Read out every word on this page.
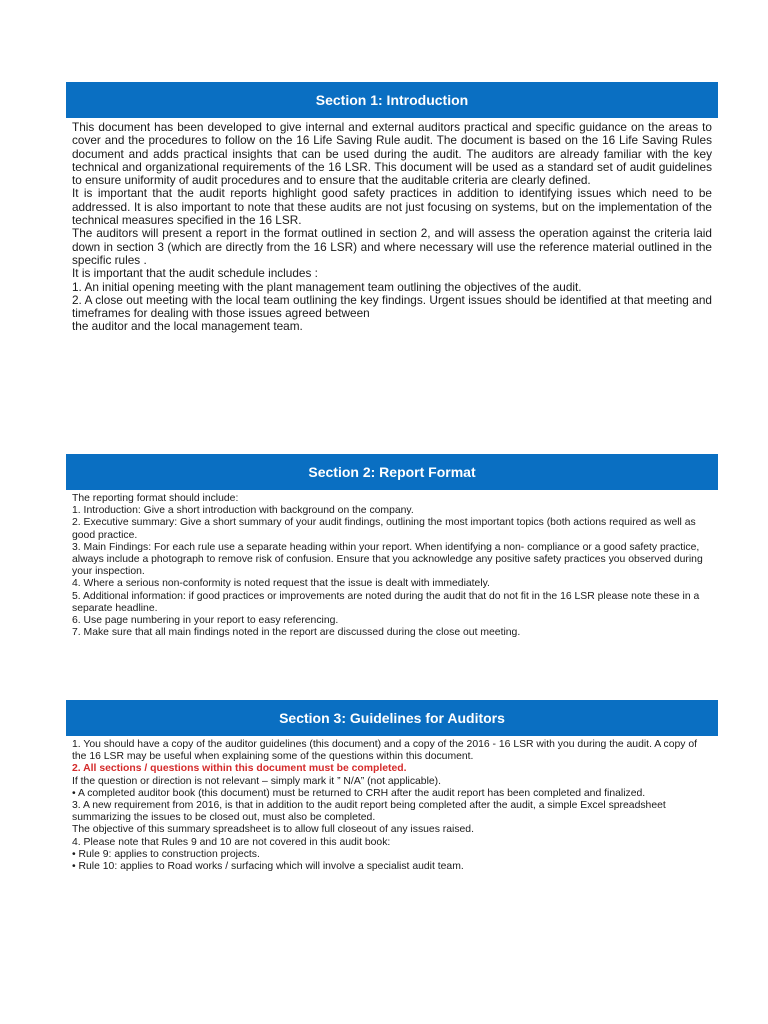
Section 1: Introduction

This document has been developed to give internal and external auditors practical and specific guidance on the areas to cover and the procedures to follow on the 16 Life Saving Rule audit. The document is based on the 16 Life Saving Rules document and adds practical insights that can be used during the audit. The auditors are already familiar with the key technical and organizational requirements of the 16 LSR. This document will be used as a standard set of audit guidelines to ensure uniformity of audit procedures and to ensure that the auditable criteria are clearly defined.

It is important that the audit reports highlight good safety practices in addition to identifying issues which need to be addressed. It is also important to note that these audits are not just focusing on systems, but on the implementation of the technical measures specified in the 16 LSR.

The auditors will present a report in the format outlined in section 2, and will assess the operation against the criteria laid down in section 3 (which are directly from the 16 LSR) and where necessary will use the reference material outlined in the specific rules .

It is important that the audit schedule includes :

1. An initial opening meeting with the plant management team outlining the objectives of the audit.

2. A close out meeting with the local team outlining the key findings. Urgent issues should be identified at that meeting and timeframes for dealing with those issues agreed between

the auditor and the local management team.

Section 2: Report Format

The reporting format should include:

1. Introduction: Give a short introduction with background on the company.

2. Executive summary: Give a short summary of your audit findings, outlining the most important topics (both actions required as well as good practice.

3. Main Findings: For each rule use a separate heading within your report. When identifying a non- compliance or a good safety practice, always include a photograph to remove risk of confusion. Ensure that you acknowledge any positive safety practices you observed during your inspection.

4. Where a serious non-conformity is noted request that the issue is dealt with immediately.

5. Additional information: if good practices or improvements are noted during the audit that do not fit in the 16 LSR please note these in a separate headline.

6. Use page numbering in your report to easy referencing.

7. Make sure that all main findings noted in the report are discussed during the close out meeting.

Section 3: Guidelines for Auditors

1. You should have a copy of the auditor guidelines (this document) and a copy of the 2016 - 16 LSR with you during the audit. A copy of the 16 LSR may be useful when explaining some of the questions within this document.

2. All sections / questions within this document must be completed.

If the question or direction is not relevant – simply mark it ” N/A” (not applicable).

• A completed auditor book (this document) must be returned to CRH after the audit report has been completed and finalized.

3. A new requirement from 2016, is that in addition to the audit report being completed after the audit, a simple Excel spreadsheet summarizing the issues to be closed out, must also be completed.

The objective of this summary spreadsheet is to allow full closeout of any issues raised.

4. Please note that Rules 9 and 10 are not covered in this audit book:

• Rule 9: applies to construction projects.

• Rule 10: applies to Road works / surfacing which will involve a specialist audit team.
